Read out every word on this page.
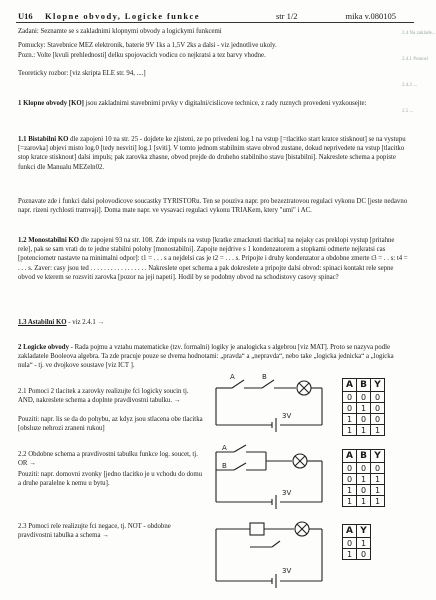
U16 Klopne obvody, Logicke funkce	str 1/2	mika v.080105
Zadani: Seznamte se s zakladnimi klopnymi obvody a logickymi funkcemi
Pomucky: Stavebnice MEZ elektronik, baterie 9V 1ks a 1,5V 2ks a dalsi - viz jednotlive ukoly.
Pozn.: Volte [kvuli prehlednosti] delku spojovacich vodicu co nejkratsi a tez barvy vhodne.
Teoreticky rozbor: [viz skripta ELE str. 94, ....]
1 Klopne obvody [KO] jsou zakladnimi stavebnimi prvky v digitalni/cislicove technice, z rady ruznych provedeni vyzkousejte:
1.1 Bistabilni KO dle zapojeni 10 na str. 25 - dojdete ke zjisteni, ze po privedeni log.1 na vstup [=tlacitko start kratce stisknout] se na vystupu [=zarovka] objevi misto log.0 [tedy nesviti] log.1 [sviti]. V tomto jednom stabilnim stavu obvod zustane, dokud neprivedete na vstup [tlacitko stop kratce stisknout] dalsi impuls; pak zarovka zhasne, obvod prejde do druheho stabilniho stavu [bistabilni]. Nakreslete schema a popiste funkci dle Manualu MEZeln02.
Poznavate zde i funkci dalsi polovodicove soucastky TYRISTORu. Ten se pouziva napr. pro bezeztratovou regulaci vykonu DC [jeste nedavno napr. rizeni rychlosti tramvaji]. Doma mate napr. ve vysavaci regulaci vykonu TRIAKem, ktery "umi" i AC.
1.2 Monostabilni KO dle zapojeni 93 na str. 108. Zde impuls na vstup [kratke zmacknuti tlacitka] na nejaky cas preklopi vystup [pritahne rele], pak se sam vrati do te jedne stabilni polohy [monostabilni]. Zapojte nejdrive s 1 kondenzatorem a stopkami odmerte nejkratsi cas [potenciometr nastavte na minimalni odpor]: t1 = . . . s a nejdelsi cas je t2 = . . . s. Pripojte i druhy kondenzator a obdobne zmerte t3 = . . s: t4 = . . . s. Zaver: casy jsou ted . . . . . . . . . . . . . . . . . Nakreslete opet schema a pak dokreslete a pripojte dalsi obvod: spinaci kontakt rele sepne obvod ve kterem se rozsviti zarovka [pozor na jeji napeti]. Hodil by se podobny obvod na schodistovy casovy spinac?
1.3 Astabilni KO - viz 2.4.1 →
2 Logicke obvody - Rada pojmu a vztahu matematicke (tzv. formalni) logiky je analogicka s algebrou [viz MAT]. Proto se nazyva podle zakladatele Booleova algebra. Ta zde pracuje pouze se dvema hodnotami: „pravda“ a „nepravda“, nebo take „logicka jednicka“ a „logicka nula“ - tj. ve dvojkove soustave [viz ICT ].
2.1 Pomoci 2 tlacitek a zarovky realizujte fci logicky soucin tj. AND, nakreslete schema a doplnte pravdivostni tabulku. →
Pouziti: napr. lis se da do pohybu, az kdyz jsou stlacena obe tlacitka [obsluze nehrozi zraneni rukou]
2.2 Obdobne schema a pravdivostni tabulku funkce log. soucet, tj. OR →
Pouziti: napr. domovni zvonky [jedno tlacitko je u vchodu do domu a druhe paralelne k nemu u bytu].
2.3 Pomoci rele realizujte fci negace, tj. NOT - obdobne pravdivostni tabulka a schema →
A	B
3V
A
B
3V
3V
A	B	Y
0	0	0
0	1	0
1	0	0
1	1	1
A	B	Y
0	0	0
0	1	1
1	0	1
1	1	1
A	Y
0	1
1	0
2.4 Na zaklade...
2.4.1 Pomoci
2.4.2 ...
2.5 ...
